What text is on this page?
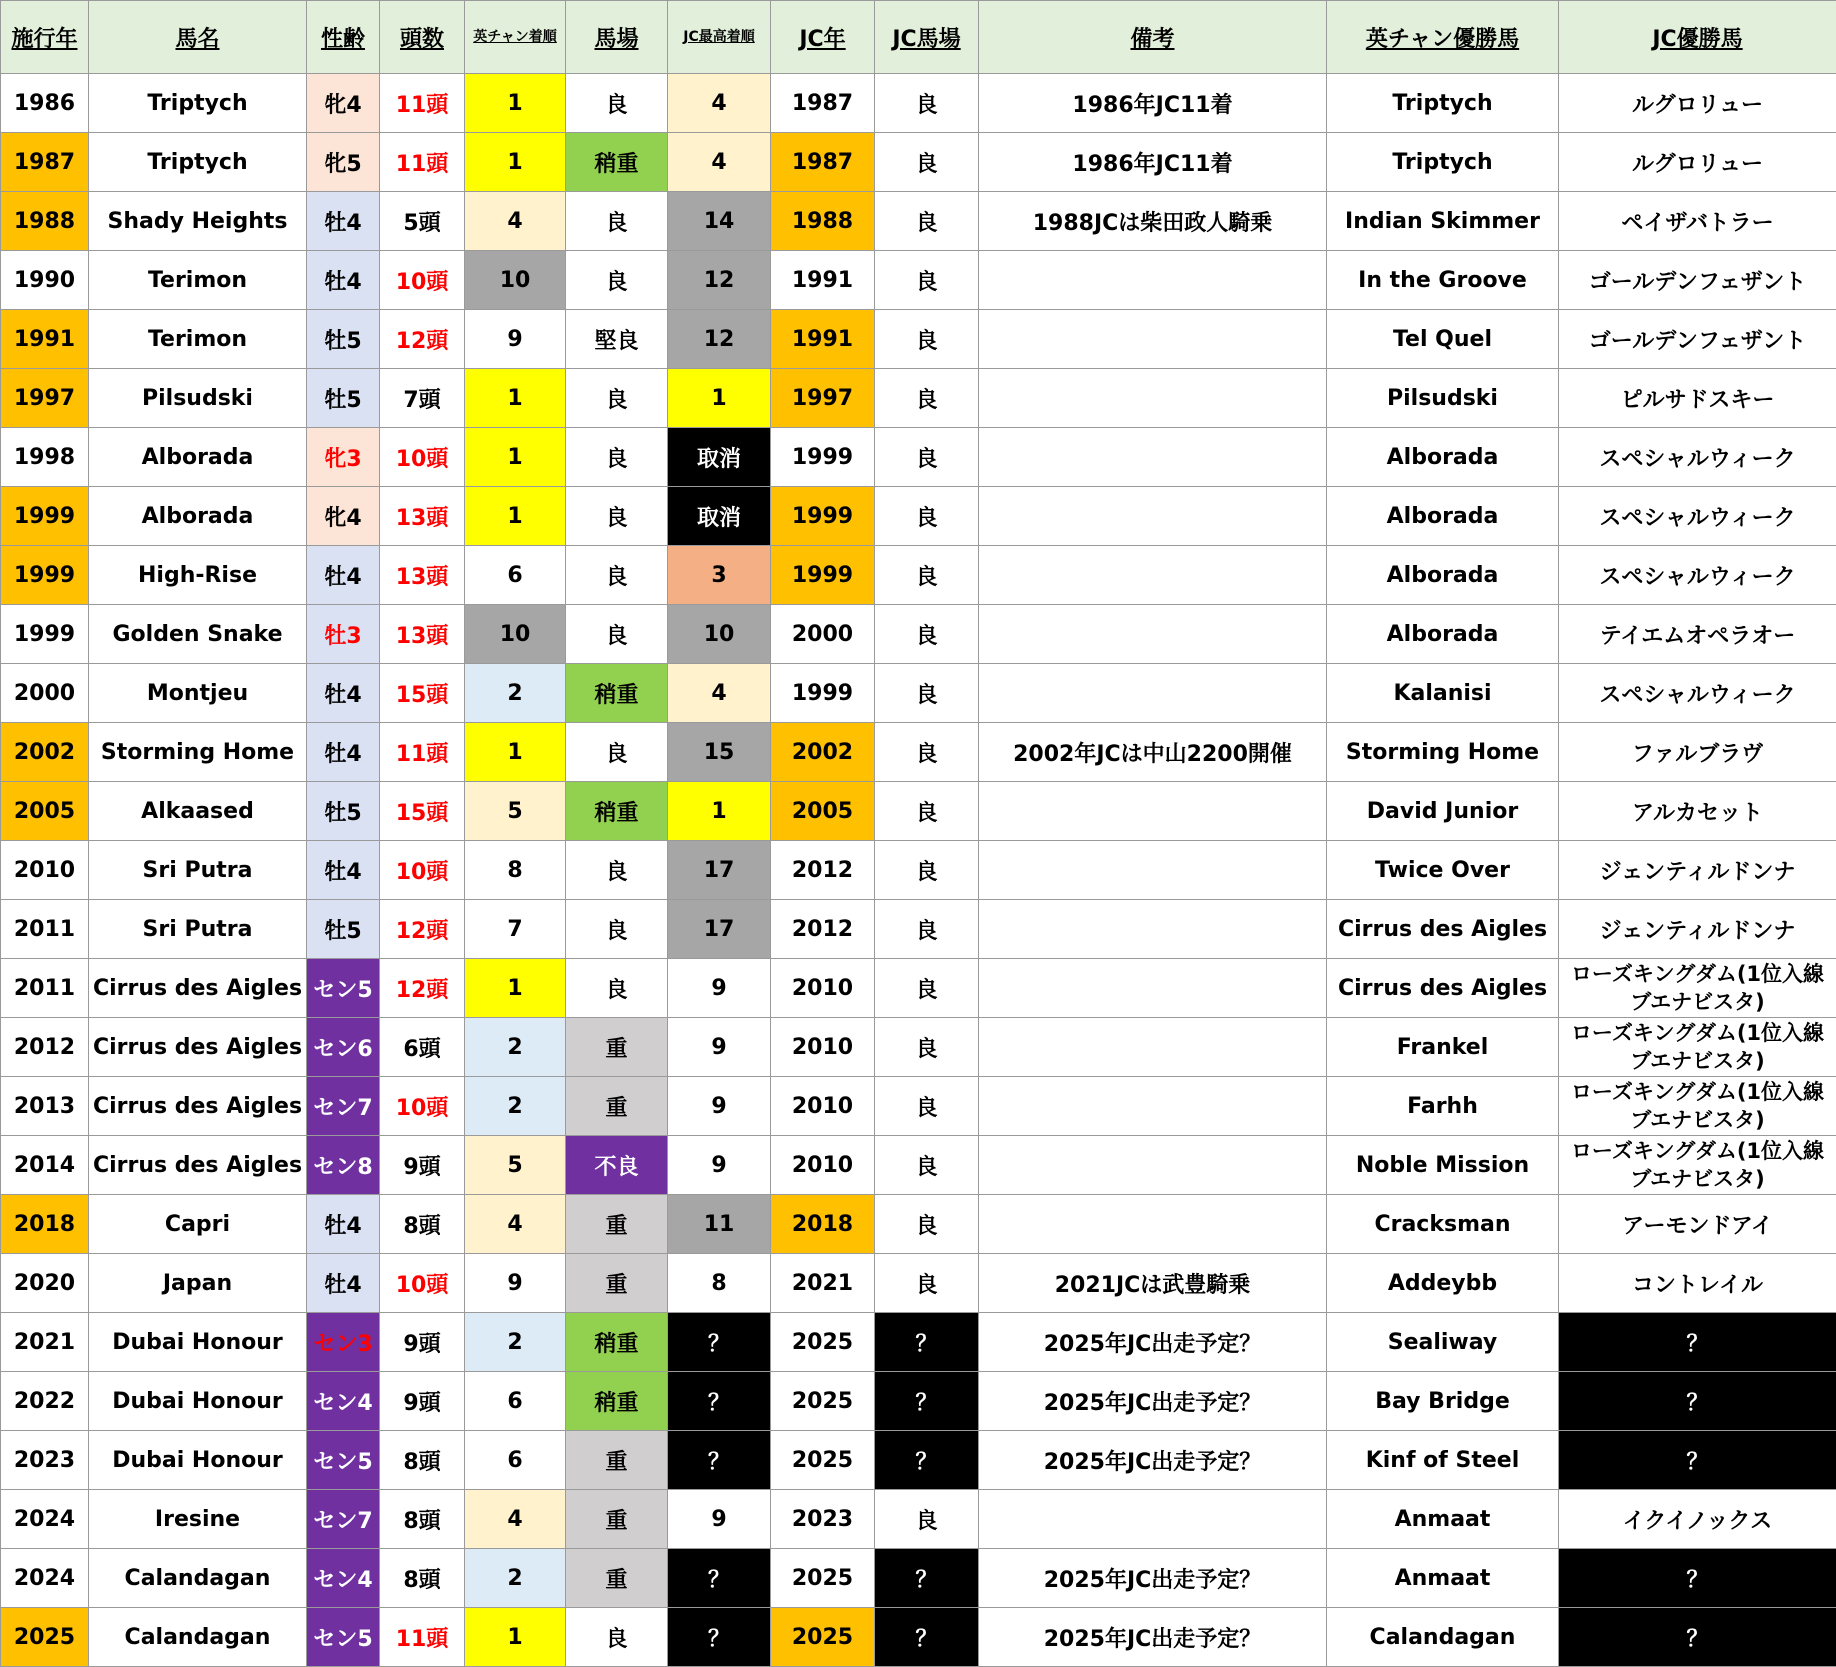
施行年	馬名	性齢	頭数	英チャン着順	馬場	JC最高着順	JC年	JC馬場	備考	英チャン優勝馬	JC優勝馬
1986	Triptych	牝4	11頭	1	良	4	1987	良	1986年JC11着	Triptych	ルグロリュー
1987	Triptych	牝5	11頭	1	稍重	4	1987	良	1986年JC11着	Triptych	ルグロリュー
1988	Shady Heights	牡4	5頭	4	良	14	1988	良	1988JCは柴田政人騎乗	Indian Skimmer	ペイザバトラー
1990	Terimon	牡4	10頭	10	良	12	1991	良		In the Groove	ゴールデンフェザント
1991	Terimon	牡5	12頭	9	堅良	12	1991	良		Tel Quel	ゴールデンフェザント
1997	Pilsudski	牡5	7頭	1	良	1	1997	良		Pilsudski	ピルサドスキー
1998	Alborada	牝3	10頭	1	良	取消	1999	良		Alborada	スペシャルウィーク
1999	Alborada	牝4	13頭	1	良	取消	1999	良		Alborada	スペシャルウィーク
1999	High-Rise	牡4	13頭	6	良	3	1999	良		Alborada	スペシャルウィーク
1999	Golden Snake	牡3	13頭	10	良	10	2000	良		Alborada	テイエムオペラオー
2000	Montjeu	牡4	15頭	2	稍重	4	1999	良		Kalanisi	スペシャルウィーク
2002	Storming Home	牡4	11頭	1	良	15	2002	良	2002年JCは中山2200開催	Storming Home	ファルブラヴ
2005	Alkaased	牡5	15頭	5	稍重	1	2005	良		David Junior	アルカセット
2010	Sri Putra	牡4	10頭	8	良	17	2012	良		Twice Over	ジェンティルドンナ
2011	Sri Putra	牡5	12頭	7	良	17	2012	良		Cirrus des Aigles	ジェンティルドンナ
2011	Cirrus des Aigles	セン5	12頭	1	良	9	2010	良		Cirrus des Aigles	ローズキングダム(1位入線ブエナビスタ)
2012	Cirrus des Aigles	セン6	6頭	2	重	9	2010	良		Frankel	ローズキングダム(1位入線ブエナビスタ)
2013	Cirrus des Aigles	セン7	10頭	2	重	9	2010	良		Farhh	ローズキングダム(1位入線ブエナビスタ)
2014	Cirrus des Aigles	セン8	9頭	5	不良	9	2010	良		Noble Mission	ローズキングダム(1位入線ブエナビスタ)
2018	Capri	牡4	8頭	4	重	11	2018	良		Cracksman	アーモンドアイ
2020	Japan	牡4	10頭	9	重	8	2021	良	2021JCは武豊騎乗	Addeybb	コントレイル
2021	Dubai Honour	セン3	9頭	2	稍重	？	2025	？	2025年JC出走予定？	Sealiway	？
2022	Dubai Honour	セン4	9頭	6	稍重	？	2025	？	2025年JC出走予定？	Bay Bridge	？
2023	Dubai Honour	セン5	8頭	6	重	？	2025	？	2025年JC出走予定？	Kinf of Steel	？
2024	Iresine	セン7	8頭	4	重	9	2023	良		Anmaat	イクイノックス
2024	Calandagan	セン4	8頭	2	重	？	2025	？	2025年JC出走予定？	Anmaat	？
2025	Calandagan	セン5	11頭	1	良	？	2025	？	2025年JC出走予定？	Calandagan	？
